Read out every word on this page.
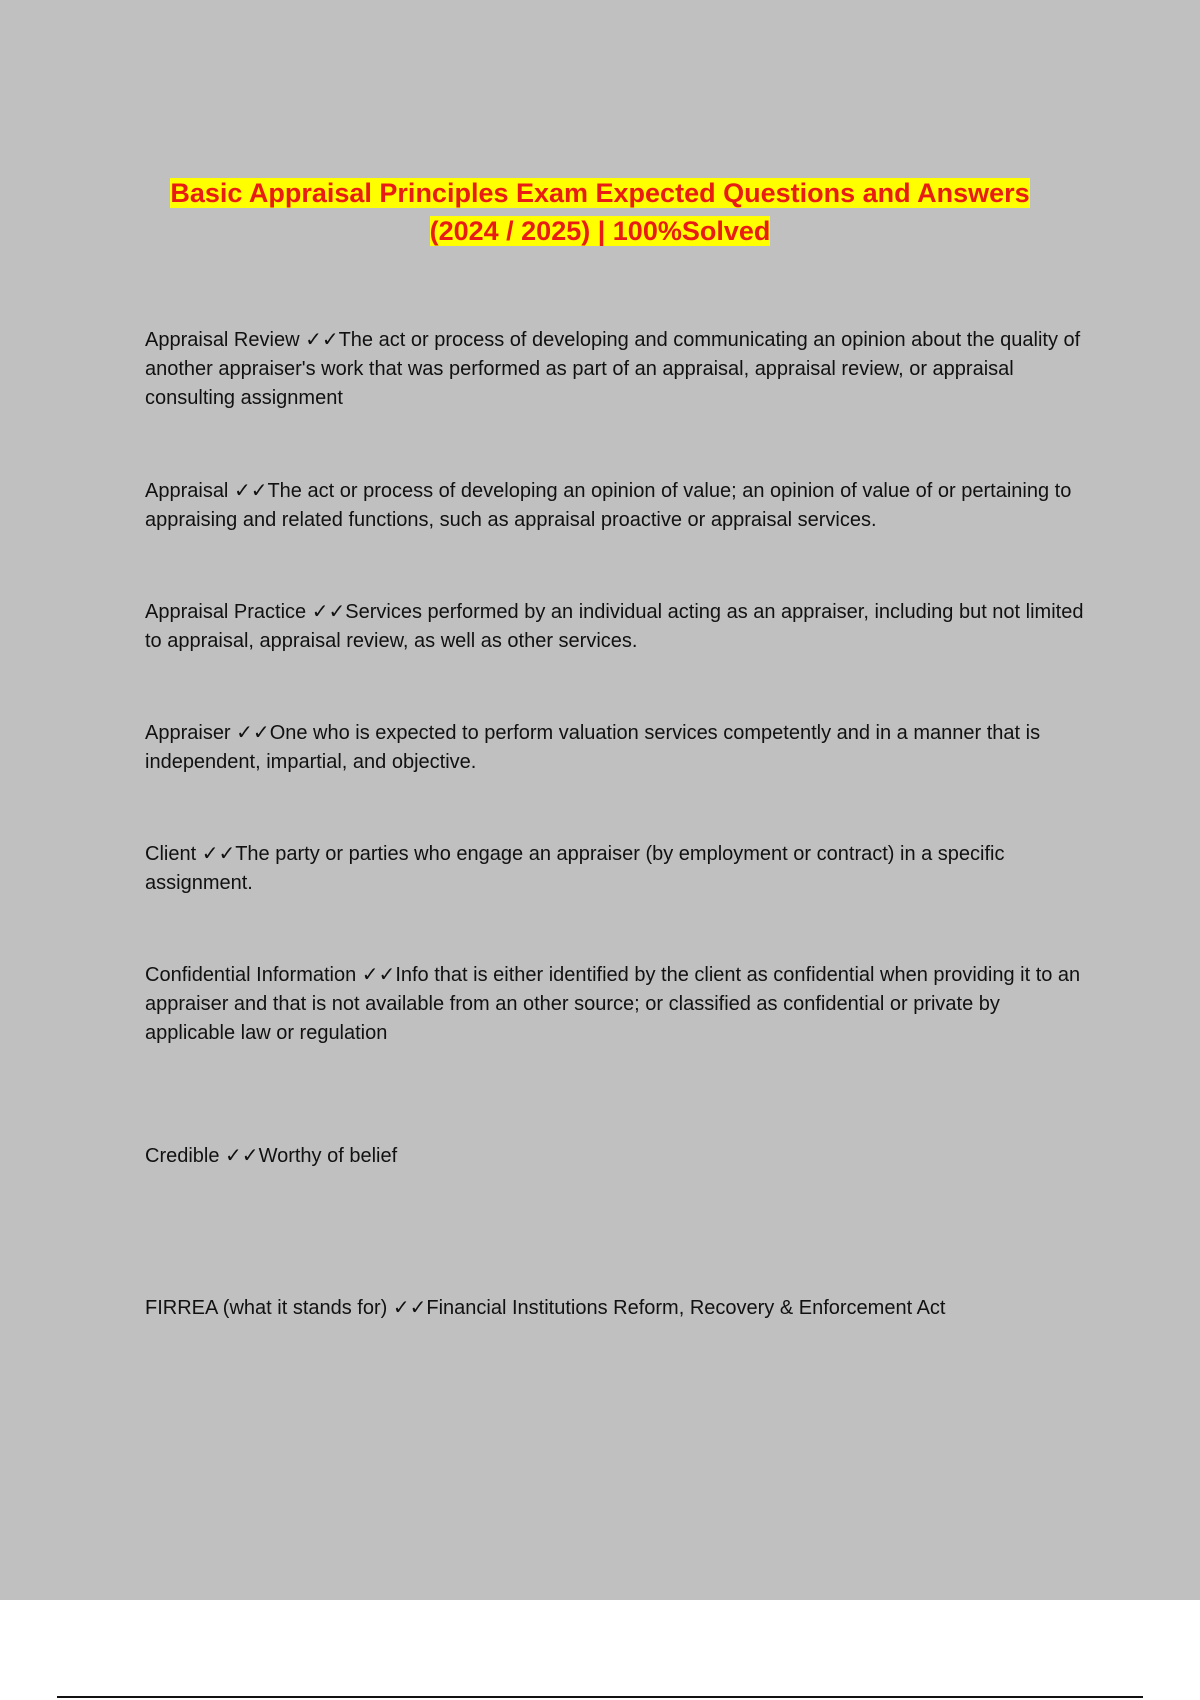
Basic Appraisal Principles Exam Expected Questions and Answers
(2024 / 2025) | 100%Solved
Appraisal Review ✓✓The act or process of developing and communicating an opinion about the quality of another appraiser's work that was performed as part of an appraisal, appraisal review, or appraisal consulting assignment
Appraisal ✓✓The act or process of developing an opinion of value; an opinion of value of or pertaining to appraising and related functions, such as appraisal proactive or appraisal services.
Appraisal Practice ✓✓Services performed by an individual acting as an appraiser, including but not limited to appraisal, appraisal review, as well as other services.
Appraiser ✓✓One who is expected to perform valuation services competently and in a manner that is independent, impartial, and objective.
Client ✓✓The party or parties who engage an appraiser (by employment or contract) in a specific assignment.
Confidential Information ✓✓Info that is either identified by the client as confidential when providing it to an appraiser and that is not available from an other source; or classified as confidential or private by applicable law or regulation
Credible ✓✓Worthy of belief
FIRREA (what it stands for) ✓✓Financial Institutions Reform, Recovery & Enforcement Act
